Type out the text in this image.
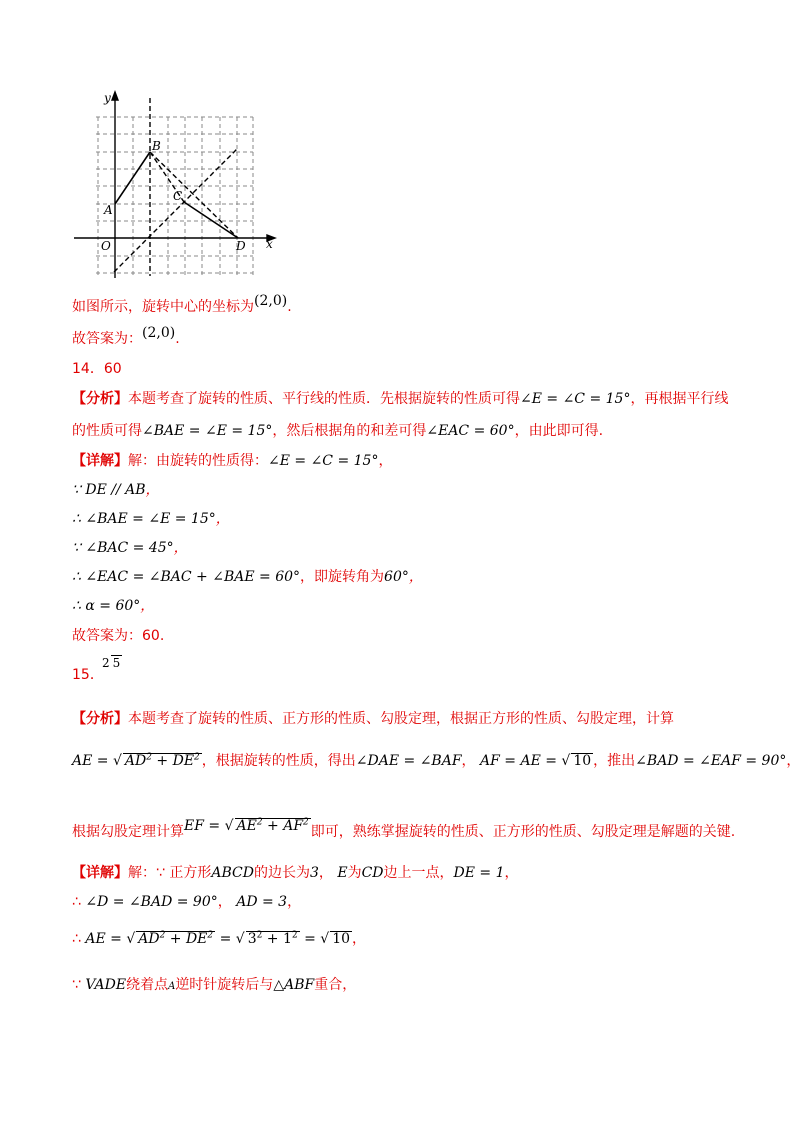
y
x
O
A
B
C
D
如图所示，旋转中心的坐标为(2,0).
故答案为：(2,0).
14．60
【分析】本题考查了旋转的性质、平行线的性质．先根据旋转的性质可得∠E = ∠C = 15°，再根据平行线
的性质可得∠BAE = ∠E = 15°，然后根据角的和差可得∠EAC = 60°，由此即可得.
【详解】解：由旋转的性质得：∠E = ∠C = 15°，
∵ DE // AB，
∴ ∠BAE = ∠E = 15°，
∵ ∠BAC = 45°，
∴ ∠EAC = ∠BAC + ∠BAE = 60°，即旋转角为60°，
∴ α = 60°，
故答案为：60.
15．
2 5
【分析】本题考查了旋转的性质、正方形的性质、勾股定理，根据正方形的性质、勾股定理，计算
AE = √ $AD^2 + DE^2$ ，根据旋转的性质，得出∠DAE = ∠BAF， AF = AE = √ 10 ，推出∠BAD = ∠EAF = 90°，
根据勾股定理计算EF = √ $AE^2 + AF^2$即可，熟练掌握旋转的性质、正方形的性质、勾股定理是解题的关键.
【详解】解：∵ 正方形ABCD的边长为3， E为CD边上一点，DE = 1，
∴ ∠D = ∠BAD = 90°， AD = 3，
∴ AE = √ $AD^2 + DE^2$ = √ $3^2 + 1^2$ = √ 10 ，
∵ VADE绕着点A逆时针旋转后与△ABF重合，
